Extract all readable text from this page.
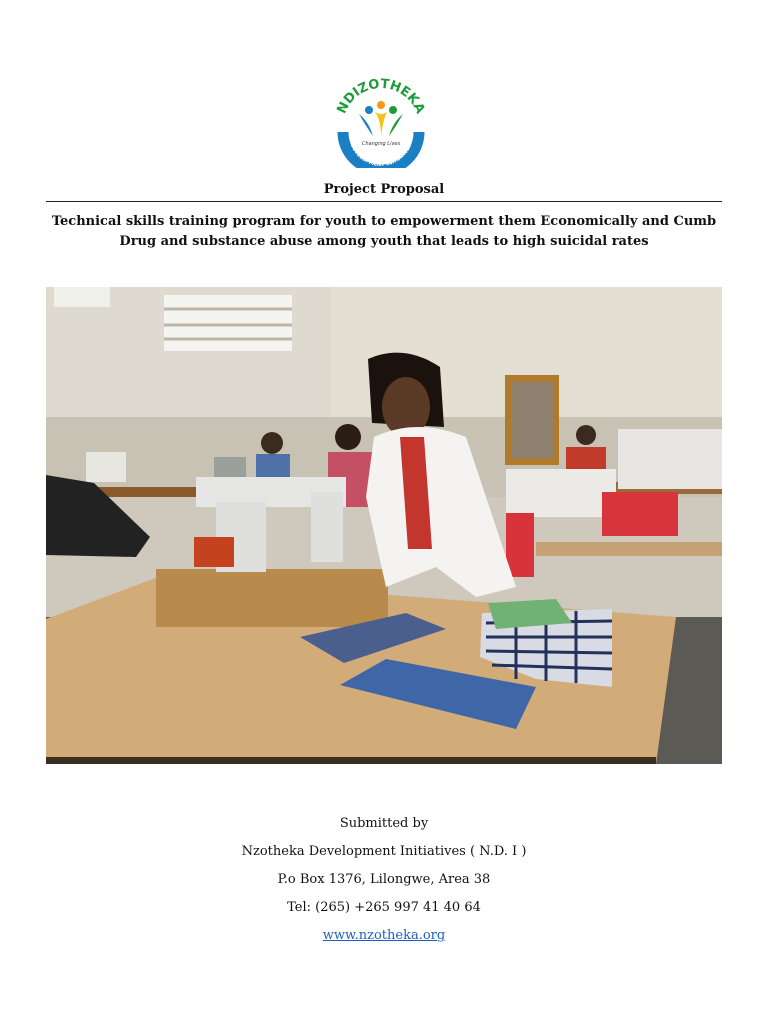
NDIZOTHEKA
DEVELOPMENT INITIATIVES
Changing Lives
Project Proposal
Technical skills training program for youth to empowerment them Economically and Cumb Drug and substance abuse among youth that leads to high suicidal rates
Submitted by
Nzotheka Development Initiatives ( N.D. I )
P.o Box 1376, Lilongwe, Area 38
Tel: (265) +265 997 41 40 64
www.nzotheka.org
